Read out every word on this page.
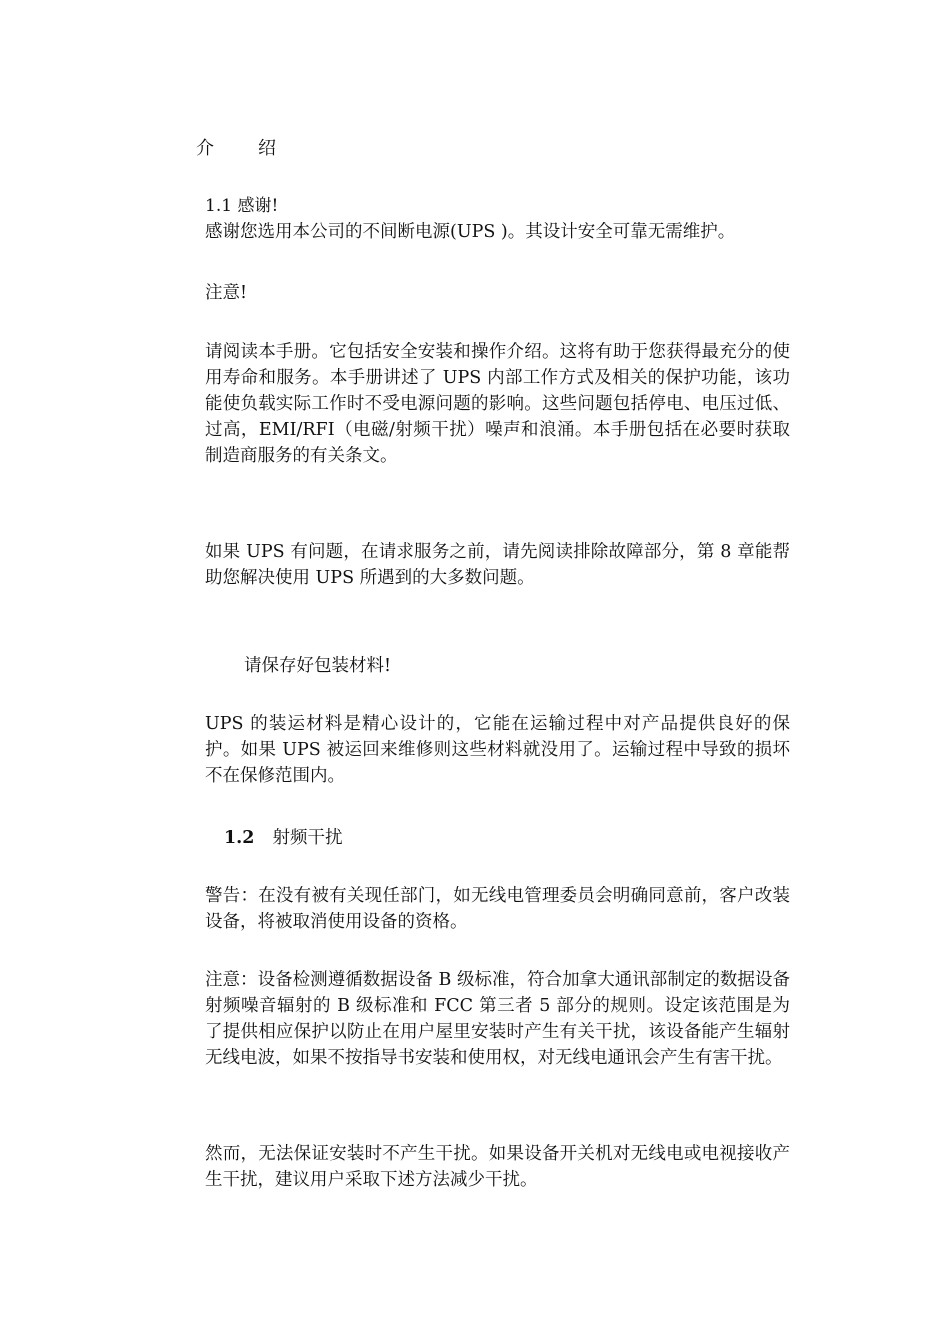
介 绍

1.1 感谢!

感谢您选用本公司的不间断电源(UPS )。其设计安全可靠无需维护。

注意!

请阅读本手册。它包括安全安装和操作介绍。这将有助于您获得最充分的使用寿命和服务。本手册讲述了 UPS 内部工作方式及相关的保护功能，该功能使负载实际工作时不受电源问题的影响。这些问题包括停电、电压过低、过高，EMI/RFI（电磁/射频干扰）噪声和浪涌。本手册包括在必要时获取制造商服务的有关条文。

如果 UPS 有问题，在请求服务之前，请先阅读排除故障部分，第 8 章能帮助您解决使用 UPS 所遇到的大多数问题。

请保存好包装材料!

UPS 的装运材料是精心设计的，它能在运输过程中对产品提供良好的保护。如果 UPS 被运回来维修则这些材料就没用了。运输过程中导致的损坏不在保修范围内。

1.2 射频干扰

警告：在没有被有关现任部门，如无线电管理委员会明确同意前，客户改装设备，将被取消使用设备的资格。

注意：设备检测遵循数据设备 B 级标准，符合加拿大通讯部制定的数据设备射频噪音辐射的 B 级标准和 FCC 第三者 5 部分的规则。设定该范围是为了提供相应保护以防止在用户屋里安装时产生有关干扰，该设备能产生辐射无线电波，如果不按指导书安装和使用权，对无线电通讯会产生有害干扰。

然而，无法保证安装时不产生干扰。如果设备开关机对无线电或电视接收产生干扰，建议用户采取下述方法减少干扰。
